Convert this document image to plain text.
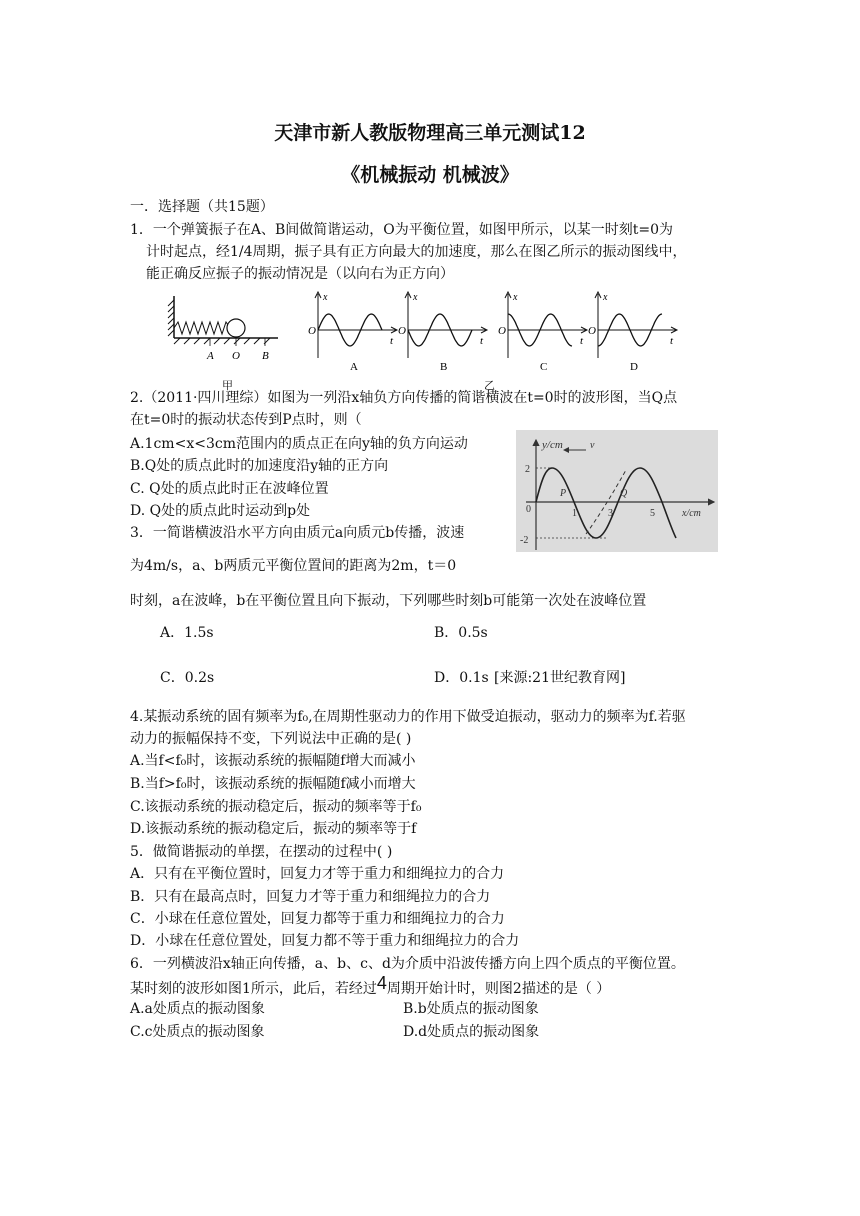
天津市新人教版物理高三单元测试12
《机械振动 机械波》
一．选择题（共15题）
1．一个弹簧振子在A、B间做简谐运动，O为平衡位置，如图甲所示，以某一时刻t=0为
计时起点，经1/4周期，振子具有正方向最大的加速度，那么在图乙所示的振动图线中，
能正确反应振子的振动情况是（以向右为正方向）
A O B
x
O
t
A
x
O
t
B
x
O
t
C
x
O
t
D
甲	乙
2.（2011·四川理综）如图为一列沿x轴负方向传播的简谐横波在t=0时的波形图，当Q点
在t=0时的振动状态传到P点时，则（
A.1cm<x<3cm范围内的质点正在向y轴的负方向运动
B.Q处的质点此时的加速度沿y轴的正方向
C. Q处的质点此时正在波峰位置
D. Q处的质点此时运动到p处
y/cm
x/cm
2
-2
0	1	3	5
P	Q
v
3．一简谐横波沿水平方向由质元a向质元b传播，波速
为4m/s，a、b两质元平衡位置间的距离为2m，t＝0
时刻，a在波峰，b在平衡位置且向下振动，下列哪些时刻b可能第一次处在波峰位置
A．1.5s	B．0.5s
C．0.2s	D．0.1s [来源:21世纪教育网]
4.某振动系统的固有频率为f₀,在周期性驱动力的作用下做受迫振动，驱动力的频率为f.若驱
动力的振幅保持不变，下列说法中正确的是( )
A.当f<f₀时，该振动系统的振幅随f增大而减小
B.当f>f₀时，该振动系统的振幅随f减小而增大
C.该振动系统的振动稳定后，振动的频率等于f₀
D.该振动系统的振动稳定后，振动的频率等于f
5．做简谐振动的单摆，在摆动的过程中( )
A．只有在平衡位置时，回复力才等于重力和细绳拉力的合力
B．只有在最高点时，回复力才等于重力和细绳拉力的合力
C．小球在任意位置处，回复力都等于重力和细绳拉力的合力
D．小球在任意位置处，回复力都不等于重力和细绳拉力的合力
6．一列横波沿x轴正向传播，a、b、c、d为介质中沿波传播方向上四个质点的平衡位置。
某时刻的波形如图1所示，此后，若经过4周期开始计时，则图2描述的是（ ）
A.a处质点的振动图象	B.b处质点的振动图象
C.c处质点的振动图象	D.d处质点的振动图象
